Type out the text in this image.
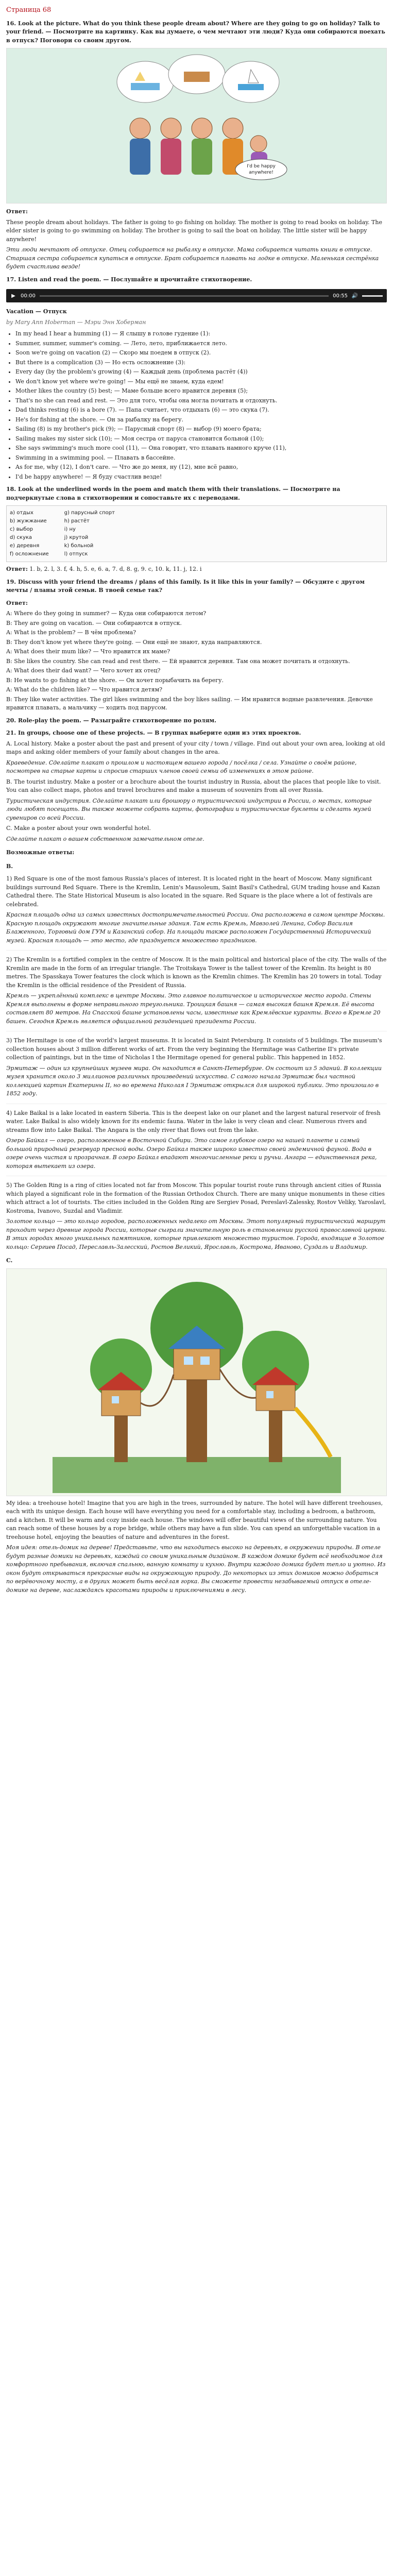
Страница 68

16. Look at the picture. What do you think these people dream about? Where are they going to go on holiday? Talk to your friend. — Посмотрите на картинку. Как вы думаете, о чем мечтают эти люди? Куда они собираются поехать в отпуск? Поговори со своим другом.

I'd be happy
anywhere!

Ответ:

These people dream about holidays. The father is going to go fishing on holiday. The mother is going to read books on holiday. The elder sister is going to go swimming on holiday. The brother is going to sail the boat on holiday. The little sister will be happy anywhere!

Эти люди мечтают об отпуске. Отец собирается на рыбалку в отпуске. Мама собирается читать книги в отпуске. Старшая сестра собирается купаться в отпуске. Брат собирается плавать на лодке в отпуске. Маленькая сестрёнка будет счастлива везде!

17. Listen and read the poem. — Послушайте и прочитайте стихотворение.

▶ 00:00	00:55 🔊

Vacation — Отпуск

by Mary Ann Hoberman — Мэри Энн Хоберман

• In my head I hear a humming (1) — Я слышу в голове гудение (1):
• Summer, summer, summer's coming. — Лето, лето, приближается лето.
• Soon we're going on vacation (2) — Скоро мы поедем в отпуск (2).
• But there is a complication (3) — Но есть осложнение (3):
• Every day (by the problem's growing (4) — Каждый день (проблема растёт (4))
• We don't know yet where we're going! — Мы ещё не знаем, куда едем!
• Mother likes the country (5) best; — Маме больше всего нравится деревня (5);
• That's no she can read and rest. — Это для того, чтобы она могла почитать и отдохнуть.
• Dad thinks resting (6) is a bore (7). — Папа считает, что отдыхать (6) — это скука (7).
• He's for fishing at the shore. — Он за рыбалку на берегу.
• Sailing (8) is my brother's pick (9); — Парусный спорт (8) — выбор (9) моего брата;
• Sailing makes my sister sick (10); — Моя сестра от паруса становится больной (10);
• She says swimming's much more cool (11), — Она говорит, что плавать намного круче (11),
• Swimming in a swimming pool. — Плавать в бассейне.
• As for me, why (12), I don't care. — Что же до меня, ну (12), мне всё равно,
• I'd be happy anywhere! — Я буду счастлив везде!

18. Look at the underlined words in the poem and match them with their translations. — Посмотрите на подчеркнутые слова в стихотворении и сопоставьте их с переводами.

a) отдых
b) жужжание
c) выбор
d) скука
e) деревня
f) осложнение
g) парусный спорт
h) растёт
i) ну
j) крутой
k) больной
l) отпуск

Ответ: 1. b, 2. l, 3. f, 4. h, 5. e, 6. a, 7. d, 8. g, 9. c, 10. k, 11. j, 12. i

19. Discuss with your friend the dreams / plans of this family. Is it like this in your family? — Обсудите с другом мечты / планы этой семьи. В твоей семье так?

Ответ:

A: Where do they going in summer? — Куда они собираются летом?

B: They are going on vacation. — Они собираются в отпуск.

A: What is the problem? — В чём проблема?

B: They don't know yet where they're going. — Они ещё не знают, куда направляются.

A: What does their mum like? — Что нравится их маме?

B: She likes the country. She can read and rest there. — Ей нравится деревня. Там она может почитать и отдохнуть.

A: What does their dad want? — Чего хочет их отец?

B: He wants to go fishing at the shore. — Он хочет порыбачить на берегу.

A: What do the children like? — Что нравится детям?

B: They like water activities. The girl likes swimming and the boy likes sailing. — Им нравится водные развлечения. Девочке нравится плавать, а мальчику — ходить под парусом.

20. Role-play the poem. — Разыграйте стихотворение по ролям.

21. In groups, choose one of these projects. — В группах выберите один из этих проектов.

A. Local history. Make a poster about the past and present of your city / town / village. Find out about your own area, looking at old maps and asking older members of your family about changes in the area.

Краеведение. Сделайте плакат о прошлом и настоящем вашего города / посёлка / села. Узнайте о своём районе, посмотрев на старые карты и спросив старших членов своей семьи об изменениях в этом районе.

B. The tourist industry. Make a poster or a brochure about the tourist industry in Russia, about the places that people like to visit. You can also collect maps, photos and travel brochures and make a museum of souvenirs from all over Russia.

Туристическая индустрия. Сделайте плакат или брошюру о туристической индустрии в России, о местах, которые люди любят посещать. Вы также можете собрать карты, фотографии и туристические буклеты и сделать музей сувениров со всей России.

C. Make a poster about your own wonderful hotel.

Сделайте плакат о вашем собственном замечательном отеле.

Возможные ответы:

B.

1) Red Square is one of the most famous Russia's places of interest. It is located right in the heart of Moscow. Many significant buildings surround Red Square. There is the Kremlin, Lenin's Mausoleum, Saint Basil's Cathedral, GUM trading house and Kazan Cathedral there. The State Historical Museum is also located in the square. Red Square is the place where a lot of festivals are celebrated.

Красная площадь одна из самых известных достопримечательностей России. Она расположена в самом центре Москвы. Красную площадь окружают многие значительные здания. Там есть Кремль, Мавзолей Ленина, Собор Василия Блаженного, Торговый дом ГУМ и Казанский собор. На площади также расположен Государственный Исторический музей. Красная площадь — это место, где празднуется множество праздников.

2) The Kremlin is a fortified complex in the centre of Moscow. It is the main political and historical place of the city. The walls of the Kremlin are made in the form of an irregular triangle. The Troitskaya Tower is the tallest tower of the Kremlin. Its height is 80 metres. The Spasskaya Tower features the clock which is known as the Kremlin chimes. The Kremlin has 20 towers in total. Today the Kremlin is the official residence of the President of Russia.

Кремль — укреплённый комплекс в центре Москвы. Это главное политическое и историческое место города. Стены Кремля выполнены в форме неправильного треугольника. Троицкая башня — самая высокая башня Кремля. Её высота составляет 80 метров. На Спасской башне установлены часы, известные как Кремлёвские куранты. Всего в Кремле 20 башен. Сегодня Кремль является официальной резиденцией президента России.

3) The Hermitage is one of the world's largest museums. It is located in Saint Petersburg. It consists of 5 buildings. The museum's collection houses about 3 million different works of art. From the very beginning the Hermitage was Catherine II's private collection of paintings, but in the time of Nicholas I the Hermitage opened for general public. This happened in 1852.

Эрмитаж — один из крупнейших музеев мира. Он находится в Санкт-Петербурге. Он состоит из 5 зданий. В коллекции музея хранится около 3 миллионов различных произведений искусства. С самого начала Эрмитаж был частной коллекцией картин Екатерины II, но во времена Николая I Эрмитаж открылся для широкой публики. Это произошло в 1852 году.

4) Lake Baikal is a lake located in eastern Siberia. This is the deepest lake on our planet and the largest natural reservoir of fresh water. Lake Baikal is also widely known for its endemic fauna. Water in the lake is very clean and clear. Numerous rivers and streams flow into Lake Baikal. The Angara is the only river that flows out from the lake.

Озеро Байкал — озеро, расположенное в Восточной Сибири. Это самое глубокое озеро на нашей планете и самый большой природный резервуар пресной воды. Озеро Байкал также широко известно своей эндемичной фауной. Вода в озере очень чистая и прозрачная. В озеро Байкал впадают многочисленные реки и ручьи. Ангара — единственная река, которая вытекает из озера.

5) The Golden Ring is a ring of cities located not far from Moscow. This popular tourist route runs through ancient cities of Russia which played a significant role in the formation of the Russian Orthodox Church. There are many unique monuments in these cities which attract a lot of tourists. The cities included in the Golden Ring are Sergiev Posad, Pereslavl-Zalessky, Rostov Veliky, Yaroslavl, Kostroma, Ivanovo, Suzdal and Vladimir.

Золотое кольцо — это кольцо городов, расположенных недалеко от Москвы. Этот популярный туристический маршрут проходит через древние города России, которые сыграли значительную роль в становлении русской православной церкви. В этих городах много уникальных памятников, которые привлекают множество туристов. Города, входящие в Золотое кольцо: Сергиев Посад, Переславль-Залесский, Ростов Великий, Ярославль, Кострома, Иваново, Суздаль и Владимир.

C.

My idea: a treehouse hotel! Imagine that you are high in the trees, surrounded by nature. The hotel will have different treehouses, each with its unique design. Each house will have everything you need for a comfortable stay, including a bedroom, a bathroom, and a kitchen. It will be warm and cozy inside each house. The windows will offer beautiful views of the surrounding nature. You can reach some of these houses by a rope bridge, while others may have a fun slide. You can spend an unforgettable vacation in a treehouse hotel, enjoying the beauties of nature and adventures in the forest.

Моя идея: отель-домик на дереве! Представьте, что вы находитесь высоко на деревьях, в окружении природы. В отеле будут разные домики на деревьях, каждый со своим уникальным дизайном. В каждом домике будет всё необходимое для комфортного пребывания, включая спальню, ванную комнату и кухню. Внутри каждого домика будет тепло и уютно. Из окон будут открываться прекрасные виды на окружающую природу. До некоторых из этих домиков можно добраться по верёвочному мосту, а в других может быть весёлая горка. Вы сможете провести незабываемый отпуск в отеле-домике на дереве, наслаждаясь красотами природы и приключениями в лесу.
